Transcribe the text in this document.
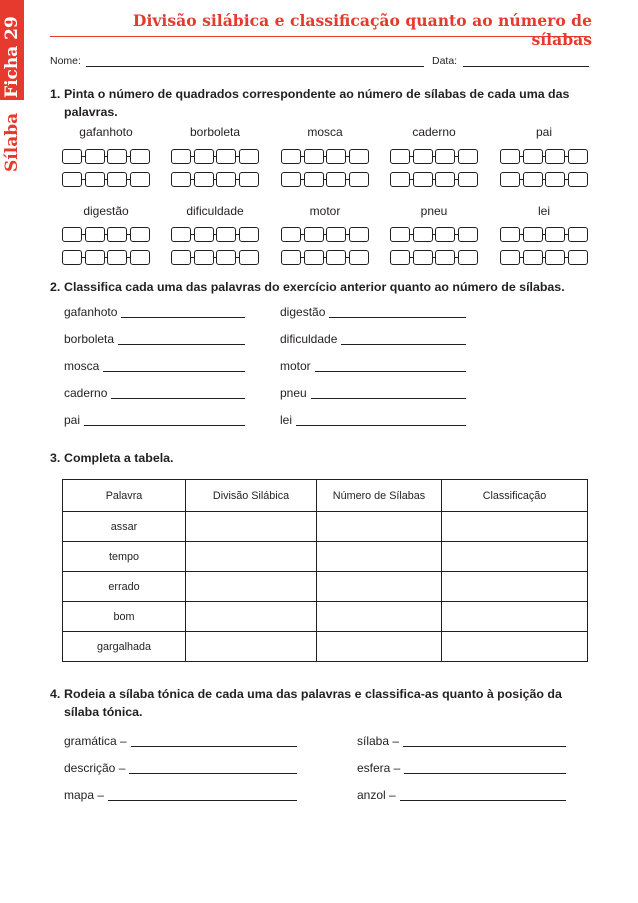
Ficha 29
Sílaba
Divisão silábica e classificação quanto ao número de sílabas
Nome:	Data:
1. Pinta o número de quadrados correspondente ao número de sílabas de cada uma das palavras.
gafanhoto	borboleta	mosca	caderno	pai
digestão	dificuldade	motor	pneu	lei
2. Classifica cada uma das palavras do exercício anterior quanto ao número de sílabas.
gafanhoto
borboleta
mosca
caderno
pai
digestão
dificuldade
motor
pneu
lei
3. Completa a tabela.
Palavra	Divisão Silábica	Número de Sílabas	Classificação
assar			
tempo			
errado			
bom			
gargalhada			
4. Rodeia a sílaba tónica de cada uma das palavras e classifica-as quanto à posição da sílaba tónica.
gramática –
descrição –
mapa –
sílaba –
esfera –
anzol –
